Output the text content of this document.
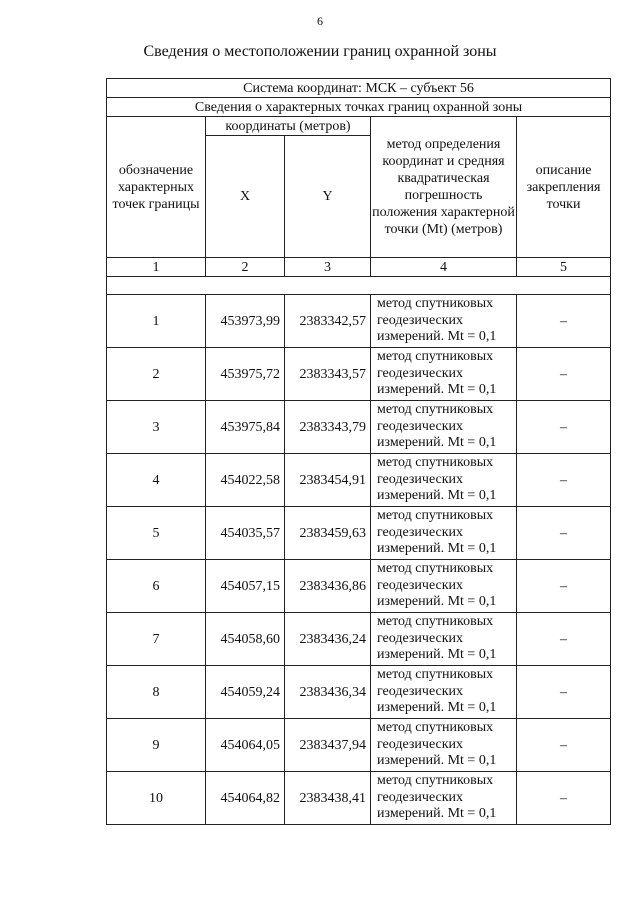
6
Сведения о местоположении границ охранной зоны
Система координат: МСК – субъект 56				
Сведения о характерных точках границ охранной зоны				
обозначение характерных точек границы	координаты (метров)		метод определения координат и средняя квадратическая погрешность положения характерной точки (Мt) (метров)	описание закрепления точки
	X	Y		
1	2	3	4	5

1	453973,99	2383342,57	метод спутниковых геодезических измерений. Мt = 0,1	–
2	453975,72	2383343,57	метод спутниковых геодезических измерений. Мt = 0,1	–
3	453975,84	2383343,79	метод спутниковых геодезических измерений. Мt = 0,1	–
4	454022,58	2383454,91	метод спутниковых геодезических измерений. Мt = 0,1	–
5	454035,57	2383459,63	метод спутниковых геодезических измерений. Мt = 0,1	–
6	454057,15	2383436,86	метод спутниковых геодезических измерений. Мt = 0,1	–
7	454058,60	2383436,24	метод спутниковых геодезических измерений. Мt = 0,1	–
8	454059,24	2383436,34	метод спутниковых геодезических измерений. Мt = 0,1	–
9	454064,05	2383437,94	метод спутниковых геодезических измерений. Мt = 0,1	–
10	454064,82	2383438,41	метод спутниковых геодезических измерений. Мt = 0,1	–
